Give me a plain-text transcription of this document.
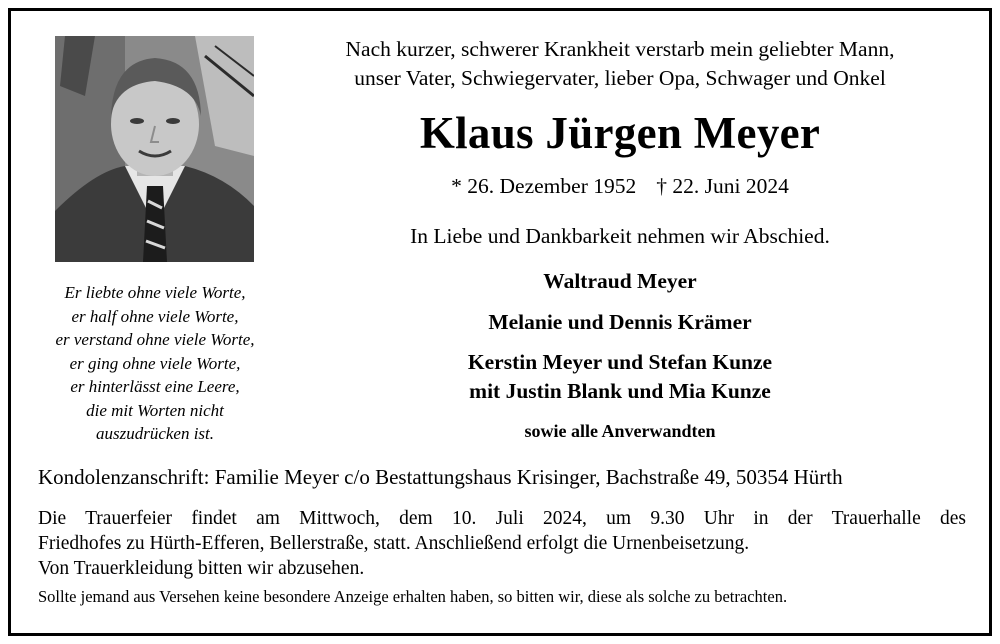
Er liebte ohne viele Worte,
er half ohne viele Worte,
er verstand ohne viele Worte,
er ging ohne viele Worte,
er hinterlässt eine Leere,
die mit Worten nicht
auszudrücken ist.
Nach kurzer, schwerer Krankheit verstarb mein geliebter Mann,
unser Vater, Schwiegervater, lieber Opa, Schwager und Onkel
Klaus Jürgen Meyer
* 26. Dezember 1952 † 22. Juni 2024
In Liebe und Dankbarkeit nehmen wir Abschied.
Waltraud Meyer
Melanie und Dennis Krämer
Kerstin Meyer und Stefan Kunze
mit Justin Blank und Mia Kunze
sowie alle Anverwandten
Kondolenzanschrift: Familie Meyer c/o Bestattungshaus Krisinger, Bachstraße 49, 50354 Hürth
Die Trauerfeier findet am Mittwoch, dem 10. Juli 2024, um 9.30 Uhr in der Trauerhalle des
Friedhofes zu Hürth-Efferen, Bellerstraße, statt. Anschließend erfolgt die Urnenbeisetzung.
Von Trauerkleidung bitten wir abzusehen.
Sollte jemand aus Versehen keine besondere Anzeige erhalten haben, so bitten wir, diese als solche zu betrachten.
